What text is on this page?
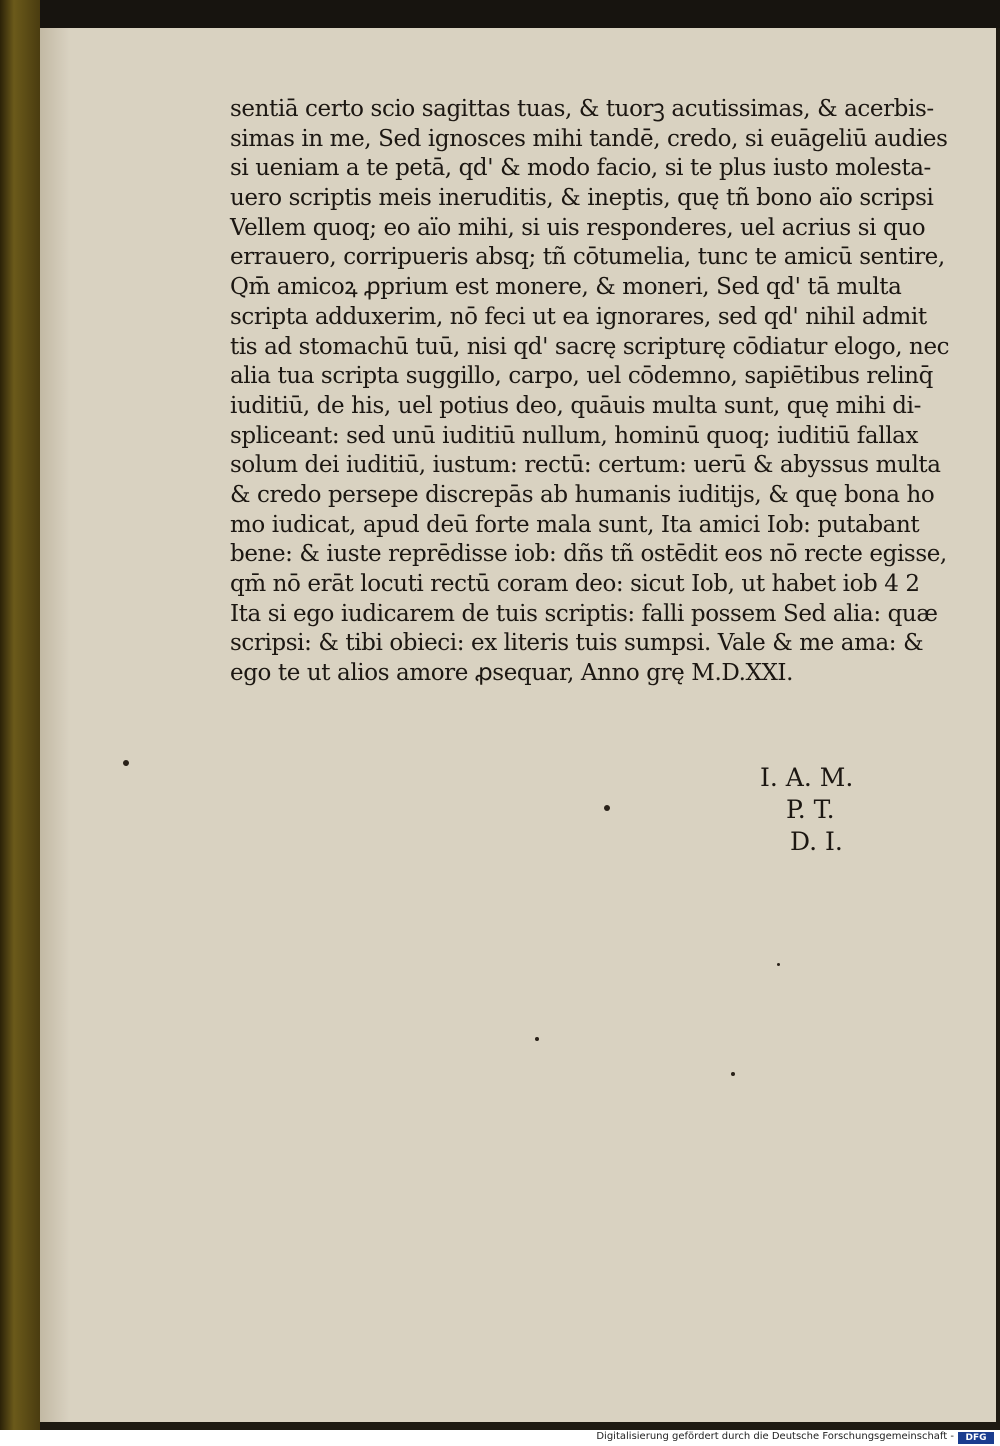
sentiā certo scio sagittas tuas, & tuorꝫ acutissimas, & acerbis-
simas in me, Sed ignosces mihi tandē, credo, si euāgeliū audies
si ueniam a te petā, qd' & modo facio, si te plus iusto molesta-
uero scriptis meis ineruditis, & ineptis, quę tñ bono aïo scripsi
Vellem quoq; eo aïo mihi, si uis responderes, uel acrius si quo
errauero, corripueris absq; tñ cōtumelia, tunc te amicū sentire,
Qm̄ amicoꝝ ꝓprium est monere, & moneri, Sed qd' tā multa
scripta adduxerim, nō feci ut ea ignorares, sed qd' nihil admit
tis ad stomachū tuū, nisi qd' sacrę scripturę cōdiatur elogo, nec
alia tua scripta suggillo, carpo, uel cōdemno, sapiētibus relinq̄
iuditiū, de his, uel potius deo, quāuis multa sunt, quę mihi di-
spliceant: sed unū iuditiū nullum, hominū quoq; iuditiū fallax
solum dei iuditiū, iustum: rectū: certum: uerū & abyssus multa
& credo persepe discrepās ab humanis iuditijs, & quę bona ho
mo iudicat, apud deū forte mala sunt, Ita amici Iob: putabant
bene: & iuste reprēdisse iob: dñs tñ ostēdit eos nō recte egisse,
qm̄ nō erāt locuti rectū coram deo: sicut Iob, ut habet iob 4 2
Ita si ego iudicarem de tuis scriptis: falli possem Sed alia: quæ
scripsi: & tibi obieci: ex literis tuis sumpsi. Vale & me ama: &
ego te ut alios amore ꝓsequar, Anno grę M.D.XXI.
I. A. M.
P. T.
D. I.
Digitalisierung gefördert durch die Deutsche Forschungsgemeinschaft -	DFG
